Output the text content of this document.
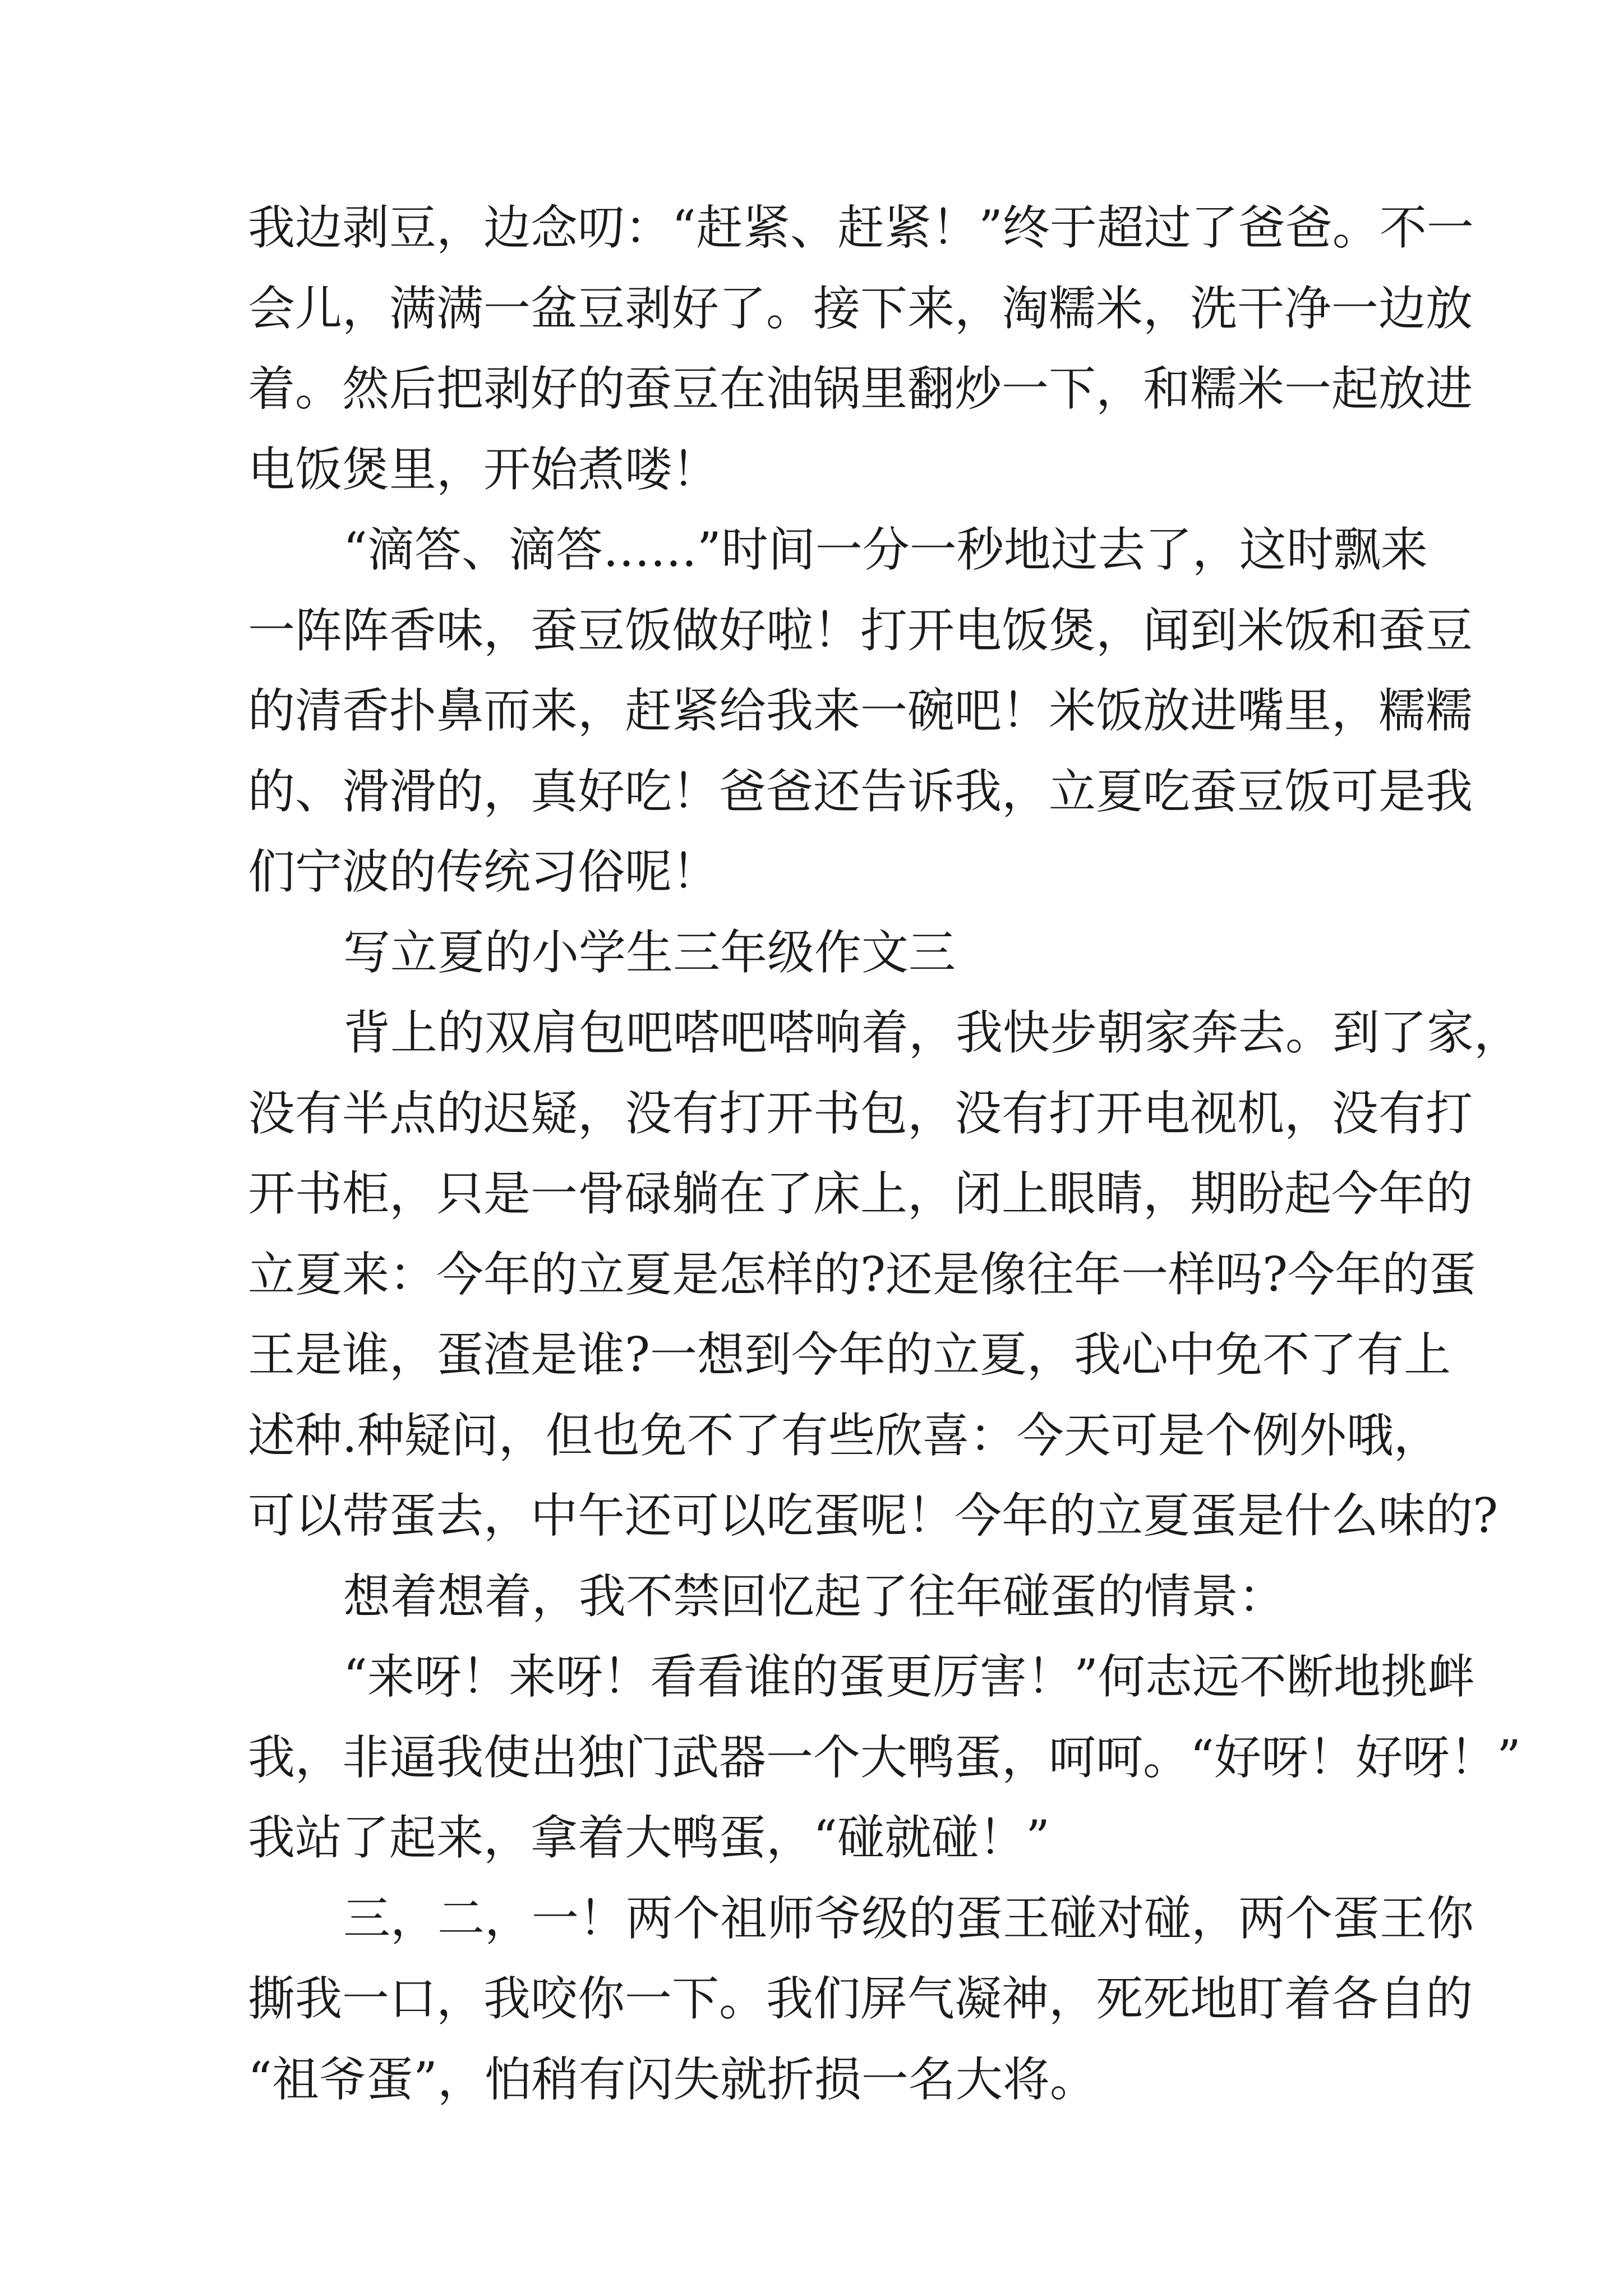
我边剥豆，边念叨：“赶紧、赶紧！”终于超过了爸爸。不一
会儿，满满一盆豆剥好了。接下来，淘糯米，洗干净一边放
着。然后把剥好的蚕豆在油锅里翻炒一下，和糯米一起放进
电饭煲里，开始煮喽！
“滴答、滴答……”时间一分一秒地过去了，这时飘来
一阵阵香味，蚕豆饭做好啦！打开电饭煲，闻到米饭和蚕豆
的清香扑鼻而来，赶紧给我来一碗吧！米饭放进嘴里，糯糯
的、滑滑的，真好吃！爸爸还告诉我，立夏吃蚕豆饭可是我
们宁波的传统习俗呢！
写立夏的小学生三年级作文三
背上的双肩包吧嗒吧嗒响着，我快步朝家奔去。到了家，
没有半点的迟疑，没有打开书包，没有打开电视机，没有打
开书柜，只是一骨碌躺在了床上，闭上眼睛，期盼起今年的
立夏来：今年的立夏是怎样的?还是像往年一样吗?今年的蛋
王是谁，蛋渣是谁?一想到今年的立夏，我心中免不了有上
述种.种疑问，但也免不了有些欣喜：今天可是个例外哦，
可以带蛋去，中午还可以吃蛋呢！今年的立夏蛋是什么味的?
想着想着，我不禁回忆起了往年碰蛋的情景：
“来呀！来呀！看看谁的蛋更厉害！”何志远不断地挑衅
我，非逼我使出独门武器一个大鸭蛋，呵呵。“好呀！好呀！”
我站了起来，拿着大鸭蛋，“碰就碰！”
三，二，一！两个祖师爷级的蛋王碰对碰，两个蛋王你
撕我一口，我咬你一下。我们屏气凝神，死死地盯着各自的
“祖爷蛋”，怕稍有闪失就折损一名大将。
